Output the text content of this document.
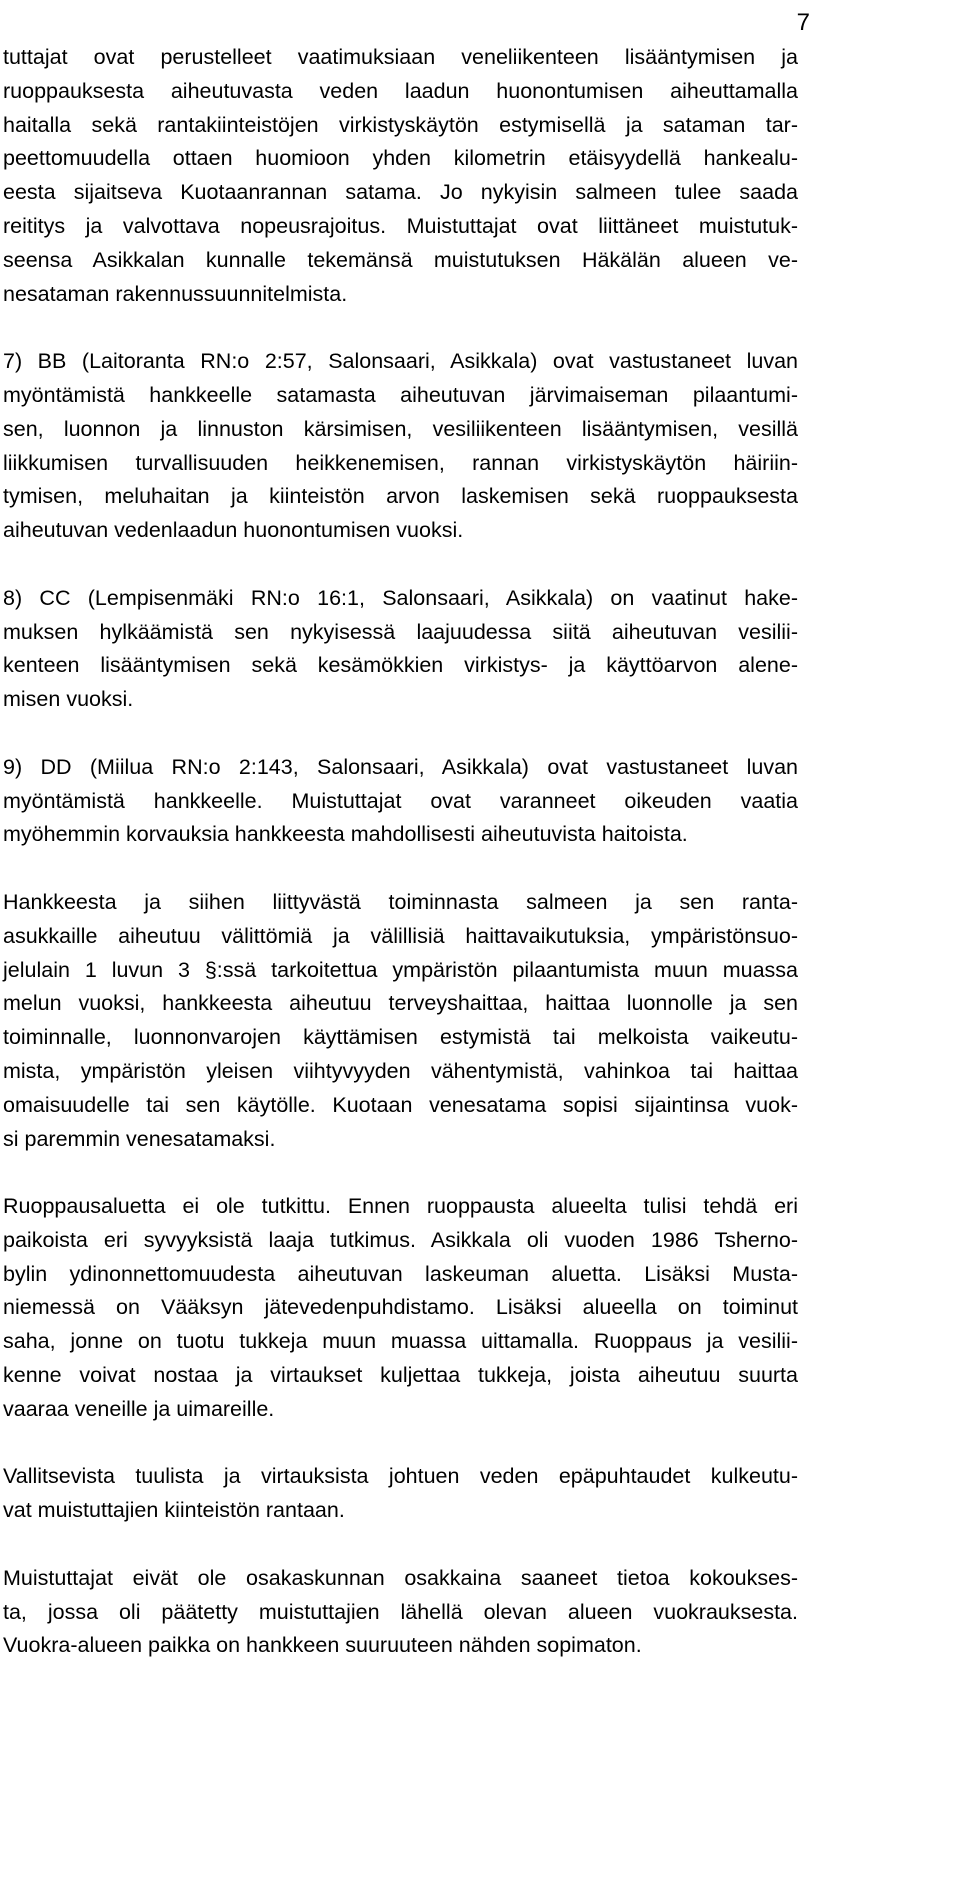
7
tuttajat ovat perustelleet vaatimuksiaan veneliikenteen lisääntymisen ja
ruoppauksesta aiheutuvasta veden laadun huonontumisen aiheuttamalla
haitalla sekä rantakiinteistöjen virkistyskäytön estymisellä ja sataman tar-
peettomuudella ottaen huomioon yhden kilometrin etäisyydellä hankealu-
eesta sijaitseva Kuotaanrannan satama. Jo nykyisin salmeen tulee saada
reititys ja valvottava nopeusrajoitus. Muistuttajat ovat liittäneet muistutuk-
seensa Asikkalan kunnalle tekemänsä muistutuksen Häkälän alueen ve-
nesataman rakennussuunnitelmista.
7) BB (Laitoranta RN:o 2:57, Salonsaari, Asikkala) ovat vastustaneet luvan
myöntämistä hankkeelle satamasta aiheutuvan järvimaiseman pilaantumi-
sen, luonnon ja linnuston kärsimisen, vesiliikenteen lisääntymisen, vesillä
liikkumisen turvallisuuden heikkenemisen, rannan virkistyskäytön häiriin-
tymisen, meluhaitan ja kiinteistön arvon laskemisen sekä ruoppauksesta
aiheutuvan vedenlaadun huonontumisen vuoksi.
8) CC (Lempisenmäki RN:o 16:1, Salonsaari, Asikkala) on vaatinut hake-
muksen hylkäämistä sen nykyisessä laajuudessa siitä aiheutuvan vesilii-
kenteen lisääntymisen sekä kesämökkien virkistys- ja käyttöarvon alene-
misen vuoksi.
9) DD (Miilua RN:o 2:143, Salonsaari, Asikkala) ovat vastustaneet luvan
myöntämistä hankkeelle. Muistuttajat ovat varanneet oikeuden vaatia
myöhemmin korvauksia hankkeesta mahdollisesti aiheutuvista haitoista.
Hankkeesta ja siihen liittyvästä toiminnasta salmeen ja sen ranta-
asukkaille aiheutuu välittömiä ja välillisiä haittavaikutuksia, ympäristönsuo-
jelulain 1 luvun 3 §:ssä tarkoitettua ympäristön pilaantumista muun muassa
melun vuoksi, hankkeesta aiheutuu terveyshaittaa, haittaa luonnolle ja sen
toiminnalle, luonnonvarojen käyttämisen estymistä tai melkoista vaikeutu-
mista, ympäristön yleisen viihtyvyyden vähentymistä, vahinkoa tai haittaa
omaisuudelle tai sen käytölle. Kuotaan venesatama sopisi sijaintinsa vuok-
si paremmin venesatamaksi.
Ruoppausaluetta ei ole tutkittu. Ennen ruoppausta alueelta tulisi tehdä eri
paikoista eri syvyyksistä laaja tutkimus. Asikkala oli vuoden 1986 Tsherno-
bylin ydinonnettomuudesta aiheutuvan laskeuman aluetta. Lisäksi Musta-
niemessä on Vääksyn jätevedenpuhdistamo. Lisäksi alueella on toiminut
saha, jonne on tuotu tukkeja muun muassa uittamalla. Ruoppaus ja vesilii-
kenne voivat nostaa ja virtaukset kuljettaa tukkeja, joista aiheutuu suurta
vaaraa veneille ja uimareille.
Vallitsevista tuulista ja virtauksista johtuen veden epäpuhtaudet kulkeutu-
vat muistuttajien kiinteistön rantaan.
Muistuttajat eivät ole osakaskunnan osakkaina saaneet tietoa kokoukses-
ta, jossa oli päätetty muistuttajien lähellä olevan alueen vuokrauksesta.
Vuokra-alueen paikka on hankkeen suuruuteen nähden sopimaton.
